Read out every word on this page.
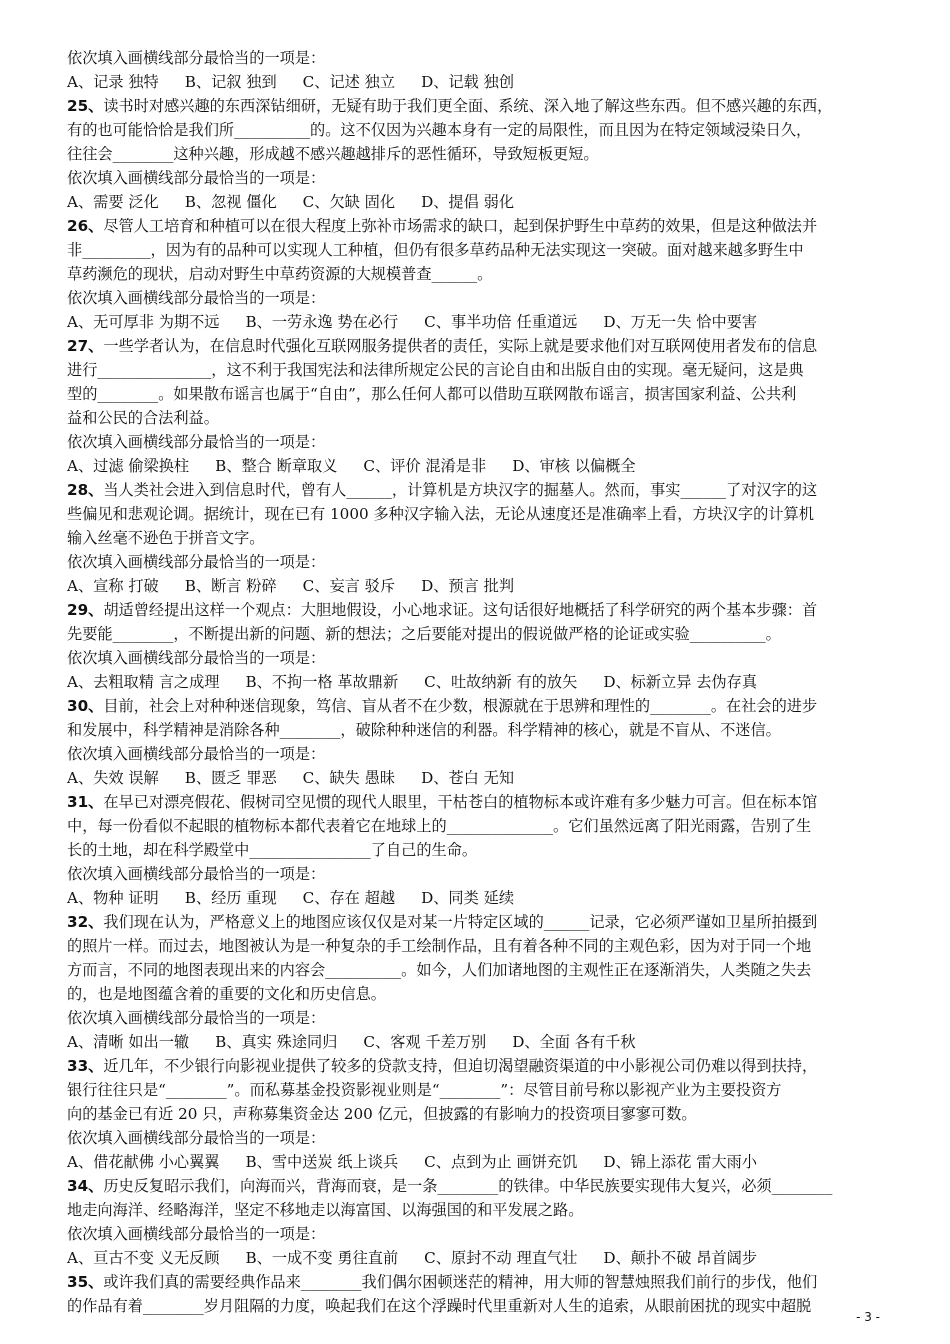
依次填入画横线部分最恰当的一项是：

A、记录 独特 B、记叙 独到 C、记述 独立 D、记载 独创

25、读书时对感兴趣的东西深钻细研，无疑有助于我们更全面、系统、深入地了解这些东西。但不感兴趣的东西，

有的也可能恰恰是我们所__________的。这不仅因为兴趣本身有一定的局限性，而且因为在特定领域浸染日久，

往往会________这种兴趣，形成越不感兴趣越排斥的恶性循环，导致短板更短。

依次填入画横线部分最恰当的一项是：

A、需要 泛化 B、忽视 僵化 C、欠缺 固化 D、提倡 弱化

26、尽管人工培育和种植可以在很大程度上弥补市场需求的缺口，起到保护野生中草药的效果，但是这种做法并

非_________，因为有的品种可以实现人工种植，但仍有很多草药品种无法实现这一突破。面对越来越多野生中

草药濒危的现状，启动对野生中草药资源的大规模普查______。

依次填入画横线部分最恰当的一项是：

A、无可厚非 为期不远 B、一劳永逸 势在必行 C、事半功倍 任重道远 D、万无一失 恰中要害

27、一些学者认为，在信息时代强化互联网服务提供者的责任，实际上就是要求他们对互联网使用者发布的信息

进行_______________，这不利于我国宪法和法律所规定公民的言论自由和出版自由的实现。毫无疑问，这是典

型的________。如果散布谣言也属于“自由”，那么任何人都可以借助互联网散布谣言，损害国家利益、公共利

益和公民的合法利益。

依次填入画横线部分最恰当的一项是：

A、过滤 偷梁换柱 B、整合 断章取义 C、评价 混淆是非 D、审核 以偏概全

28、当人类社会进入到信息时代，曾有人______，计算机是方块汉字的掘墓人。然而，事实______了对汉字的这

些偏见和悲观论调。据统计，现在已有 1000 多种汉字输入法，无论从速度还是准确率上看，方块汉字的计算机

输入丝毫不逊色于拼音文字。

依次填入画横线部分最恰当的一项是：

A、宣称 打破 B、断言 粉碎 C、妄言 驳斥 D、预言 批判

29、胡适曾经提出这样一个观点：大胆地假设，小心地求证。这句话很好地概括了科学研究的两个基本步骤：首

先要能________，不断提出新的问题、新的想法；之后要能对提出的假说做严格的论证或实验__________。

依次填入画横线部分最恰当的一项是：

A、去粗取精 言之成理 B、不拘一格 革故鼎新 C、吐故纳新 有的放矢 D、标新立异 去伪存真

30、目前，社会上对种种迷信现象，笃信、盲从者不在少数，根源就在于思辨和理性的________。在社会的进步

和发展中，科学精神是消除各种________，破除种种迷信的利器。科学精神的核心，就是不盲从、不迷信。

依次填入画横线部分最恰当的一项是：

A、失效 误解 B、匮乏 罪恶 C、缺失 愚昧 D、苍白 无知

31、在早已对漂亮假花、假树司空见惯的现代人眼里，干枯苍白的植物标本或许难有多少魅力可言。但在标本馆

中，每一份看似不起眼的植物标本都代表着它在地球上的______________。它们虽然远离了阳光雨露，告别了生

长的土地，却在科学殿堂中________________了自己的生命。

依次填入画横线部分最恰当的一项是：

A、物种 证明 B、经历 重现 C、存在 超越 D、同类 延续

32、我们现在认为，严格意义上的地图应该仅仅是对某一片特定区域的______记录，它必须严谨如卫星所拍摄到

的照片一样。而过去，地图被认为是一种复杂的手工绘制作品，且有着各种不同的主观色彩，因为对于同一个地

方而言，不同的地图表现出来的内容会__________。如今，人们加诸地图的主观性正在逐渐消失，人类随之失去

的，也是地图蕴含着的重要的文化和历史信息。

依次填入画横线部分最恰当的一项是：

A、清晰 如出一辙 B、真实 殊途同归 C、客观 千差万别 D、全面 各有千秋

33、近几年，不少银行向影视业提供了较多的贷款支持，但迫切渴望融资渠道的中小影视公司仍难以得到扶持，

银行往往只是“________”。而私募基金投资影视业则是“________”：尽管目前号称以影视产业为主要投资方

向的基金已有近 20 只，声称募集资金达 200 亿元，但披露的有影响力的投资项目寥寥可数。

依次填入画横线部分最恰当的一项是：

A、借花献佛 小心翼翼 B、雪中送炭 纸上谈兵 C、点到为止 画饼充饥 D、锦上添花 雷大雨小

34、历史反复昭示我们，向海而兴，背海而衰，是一条________的铁律。中华民族要实现伟大复兴，必须________

地走向海洋、经略海洋，坚定不移地走以海富国、以海强国的和平发展之路。

依次填入画横线部分最恰当的一项是：

A、亘古不变 义无反顾 B、一成不变 勇往直前 C、原封不动 理直气壮 D、颠扑不破 昂首阔步

35、或许我们真的需要经典作品来________我们偶尔困顿迷茫的精神，用大师的智慧烛照我们前行的步伐，他们

的作品有着________岁月阻隔的力度，唤起我们在这个浮躁时代里重新对人生的追索，从眼前困扰的现实中超脱

- 3 -
